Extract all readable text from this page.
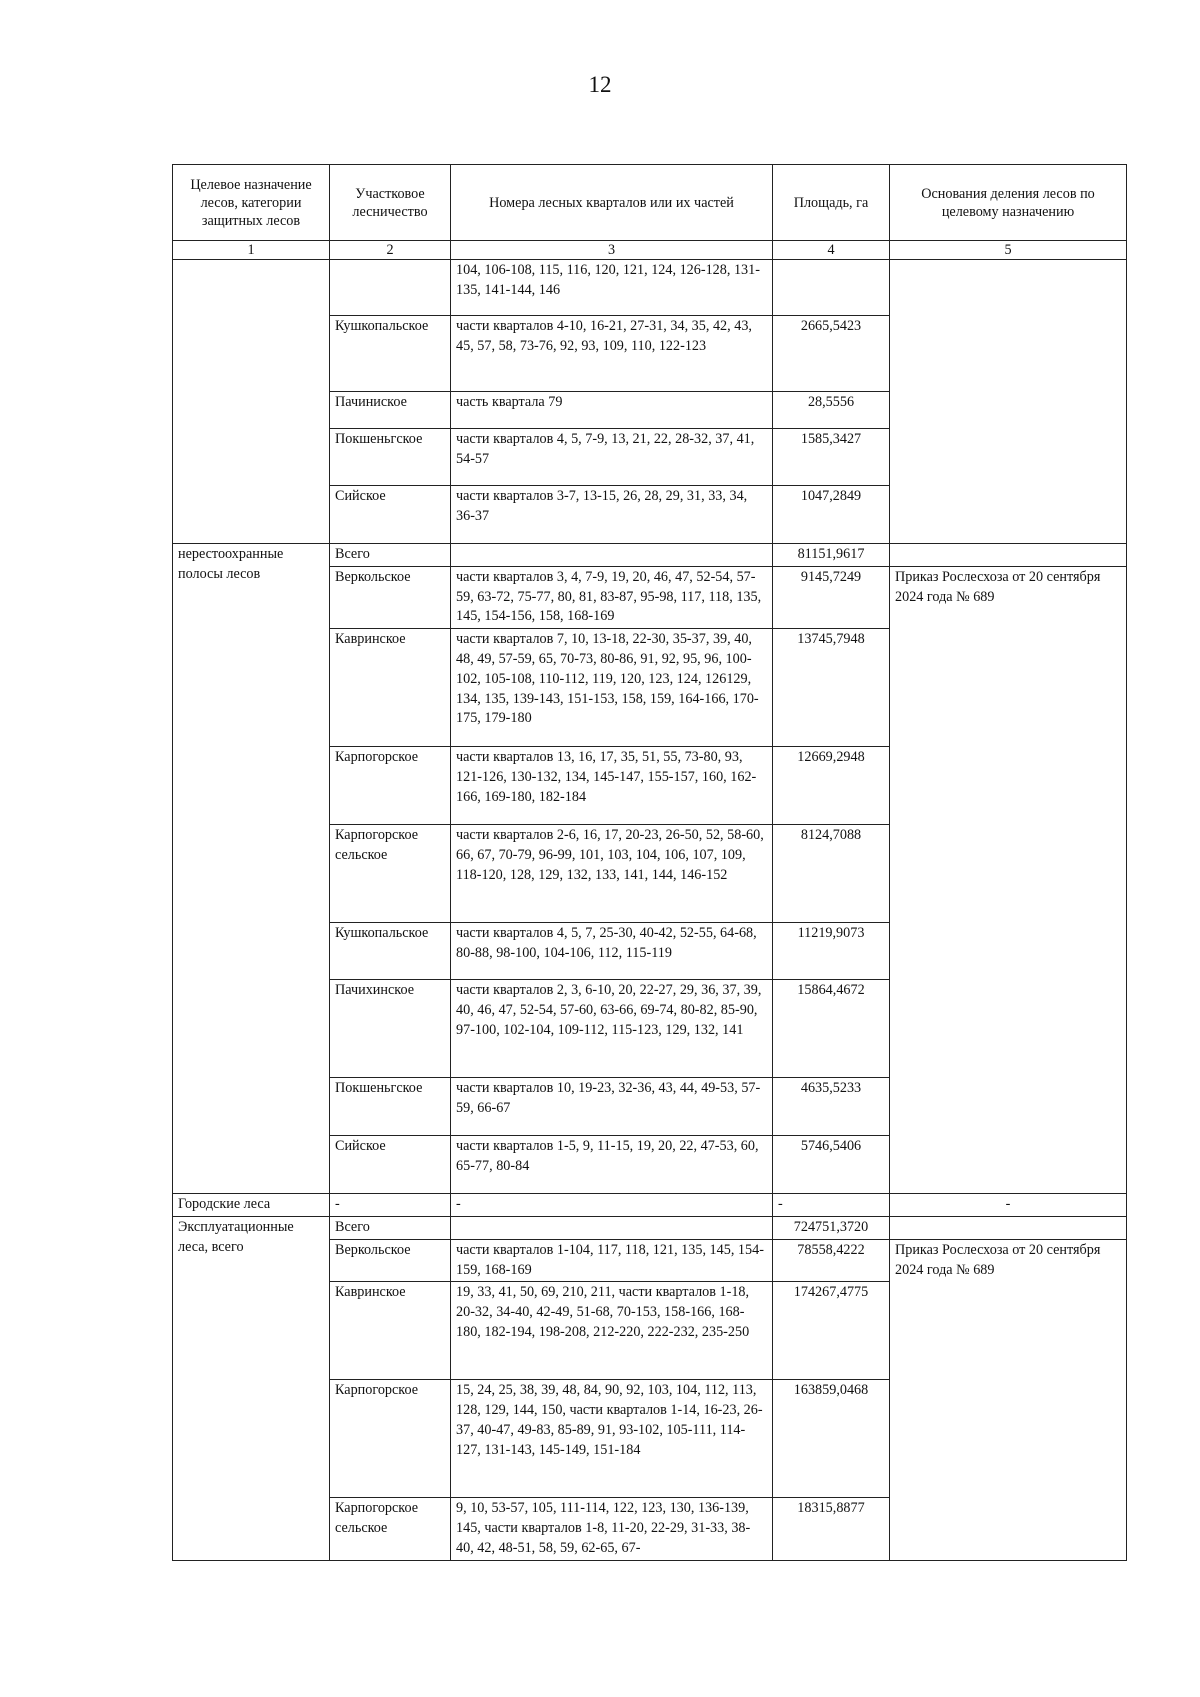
12
Целевое назначение лесов, категории защитных лесов	Участковое лесничество	Номера лесных кварталов или их частей	Площадь, га	Основания деления лесов по целевому назначению
1	2	3	4	5
		104, 106-108, 115, 116, 120, 121, 124, 126-128, 131-135, 141-144, 146		
	Кушкопальское	части кварталов 4-10, 16-21, 27-31, 34, 35, 42, 43, 45, 57, 58, 73-76, 92, 93, 109, 110, 122-123	2665,5423	
	Пачиниское	часть квартала 79	28,5556	
	Покшеньгское	части кварталов 4, 5, 7-9, 13, 21, 22, 28-32, 37, 41, 54-57	1585,3427	
	Сийское	части кварталов 3-7, 13-15, 26, 28, 29, 31, 33, 34, 36-37	1047,2849	
нерестоохранные полосы лесов	Всего		81151,9617	
	Веркольское	части кварталов 3, 4, 7-9, 19, 20, 46, 47, 52-54, 57-59, 63-72, 75-77, 80, 81, 83-87, 95-98, 117, 118, 135, 145, 154-156, 158, 168-169	9145,7249	Приказ Рослесхоза от 20 сентября 2024 года № 689
	Кавринское	части кварталов 7, 10, 13-18, 22-30, 35-37, 39, 40, 48, 49, 57-59, 65, 70-73, 80-86, 91, 92, 95, 96, 100-102, 105-108, 110-112, 119, 120, 123, 124, 126129, 134, 135, 139-143, 151-153, 158, 159, 164-166, 170-175, 179-180	13745,7948	
	Карпогорское	части кварталов 13, 16, 17, 35, 51, 55, 73-80, 93, 121-126, 130-132, 134, 145-147, 155-157, 160, 162-166, 169-180, 182-184	12669,2948	
	Карпогорское сельское	части кварталов 2-6, 16, 17, 20-23, 26-50, 52, 58-60, 66, 67, 70-79, 96-99, 101, 103, 104, 106, 107, 109, 118-120, 128, 129, 132, 133, 141, 144, 146-152	8124,7088	
	Кушкопальское	части кварталов 4, 5, 7, 25-30, 40-42, 52-55, 64-68, 80-88, 98-100, 104-106, 112, 115-119	11219,9073	
	Пачихинское	части кварталов 2, 3, 6-10, 20, 22-27, 29, 36, 37, 39, 40, 46, 47, 52-54, 57-60, 63-66, 69-74, 80-82, 85-90, 97-100, 102-104, 109-112, 115-123, 129, 132, 141	15864,4672	
	Покшеньгское	части кварталов 10, 19-23, 32-36, 43, 44, 49-53, 57-59, 66-67	4635,5233	
	Сийское	части кварталов 1-5, 9, 11-15, 19, 20, 22, 47-53, 60, 65-77, 80-84	5746,5406	
Городские леса	-	-	-	-
Эксплуатационные леса, всего	Всего		724751,3720	
	Веркольское	части кварталов 1-104, 117, 118, 121, 135, 145, 154-159, 168-169	78558,4222	Приказ Рослесхоза от 20 сентября 2024 года № 689
	Кавринское	19, 33, 41, 50, 69, 210, 211, части кварталов 1-18, 20-32, 34-40, 42-49, 51-68, 70-153, 158-166, 168-180, 182-194, 198-208, 212-220, 222-232, 235-250	174267,4775	
	Карпогорское	15, 24, 25, 38, 39, 48, 84, 90, 92, 103, 104, 112, 113, 128, 129, 144, 150, части кварталов 1-14, 16-23, 26-37, 40-47, 49-83, 85-89, 91, 93-102, 105-111, 114-127, 131-143, 145-149, 151-184	163859,0468	
	Карпогорское сельское	9, 10, 53-57, 105, 111-114, 122, 123, 130, 136-139, 145, части кварталов 1-8, 11-20, 22-29, 31-33, 38-40, 42, 48-51, 58, 59, 62-65, 67-	18315,8877	
